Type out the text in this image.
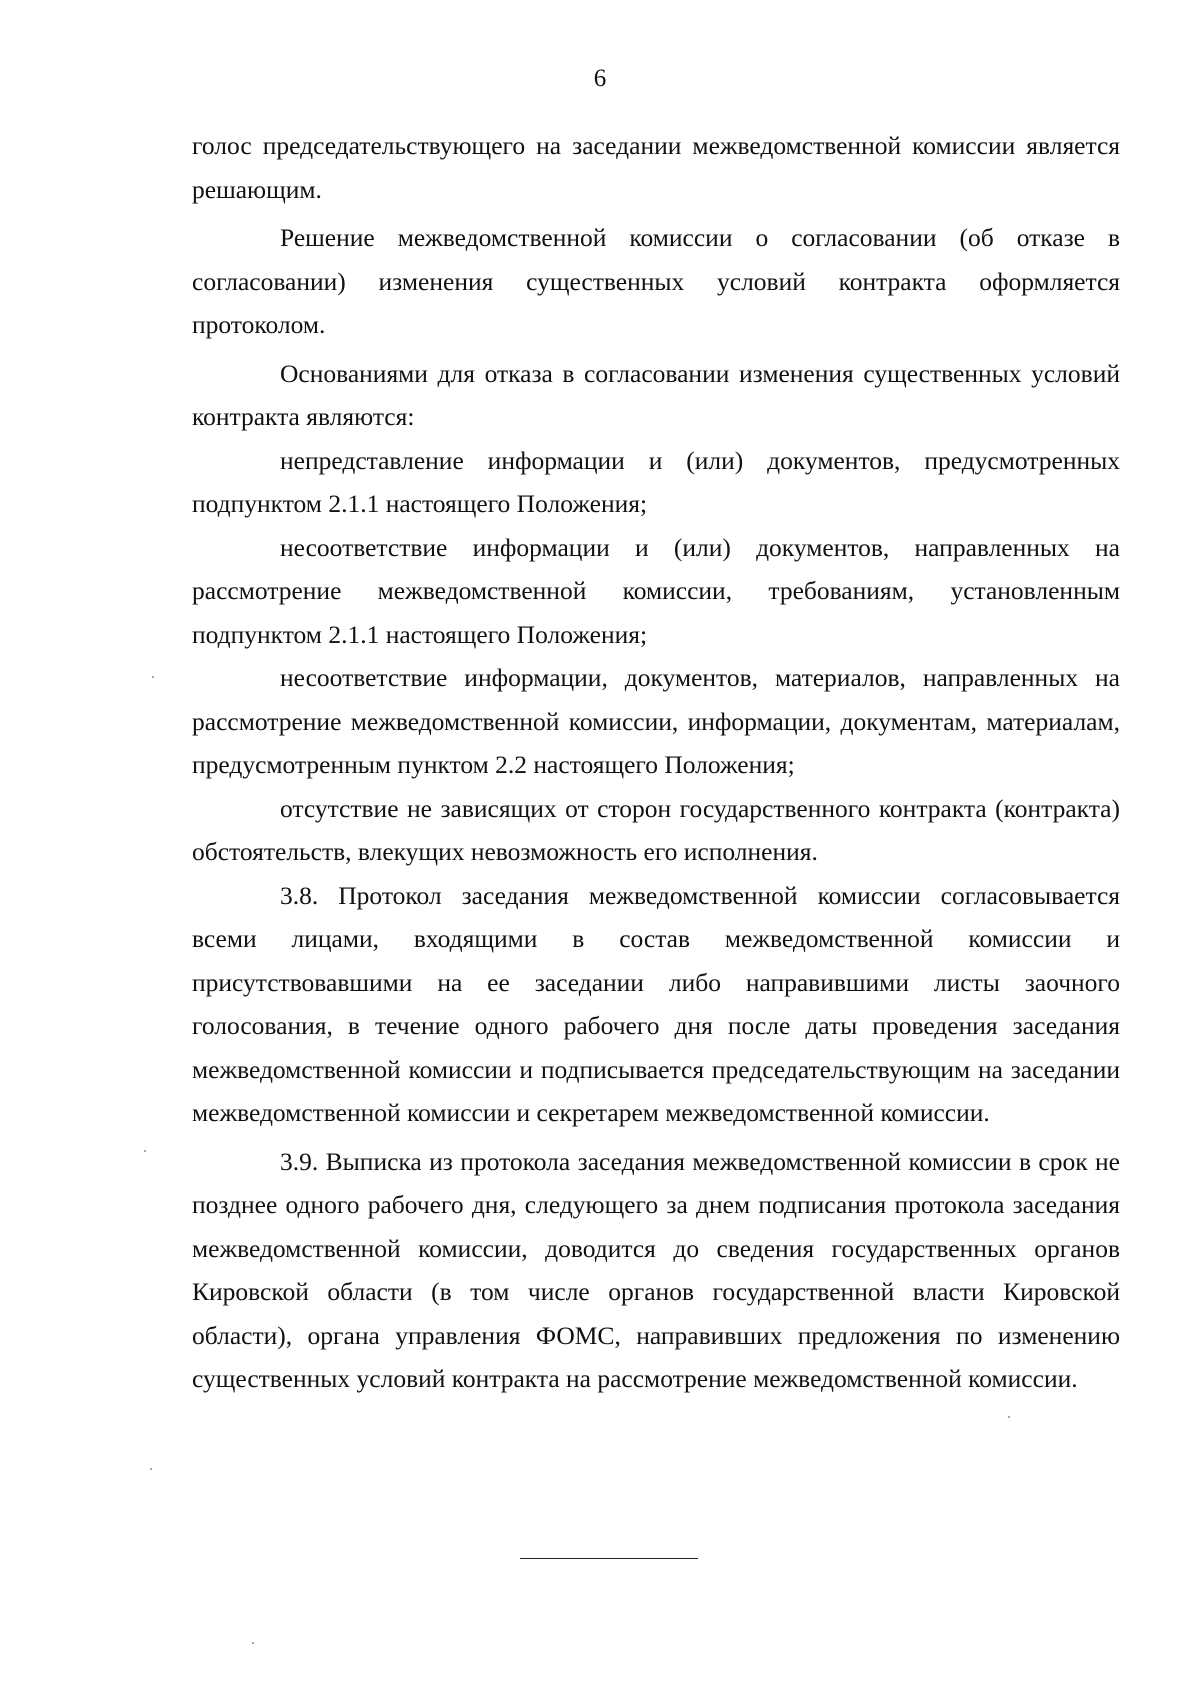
6

голос председательствующего на заседании межведомственной комиссии является решающим.

Решение межведомственной комиссии о согласовании (об отказе в согласовании) изменения существенных условий контракта оформляется протоколом.

Основаниями для отказа в согласовании изменения существенных условий контракта являются:

непредставление информации и (или) документов, предусмотренных подпунктом 2.1.1 настоящего Положения;

несоответствие информации и (или) документов, направленных на рассмотрение межведомственной комиссии, требованиям, установленным подпунктом 2.1.1 настоящего Положения;

несоответствие информации, документов, материалов, направленных на рассмотрение межведомственной комиссии, информации, документам, материалам, предусмотренным пунктом 2.2 настоящего Положения;

отсутствие не зависящих от сторон государственного контракта (контракта) обстоятельств, влекущих невозможность его исполнения.

3.8. Протокол заседания межведомственной комиссии согласовывается всеми лицами, входящими в состав межведомственной комиссии и присутствовавшими на ее заседании либо направившими листы заочного голосования, в течение одного рабочего дня после даты проведения заседания межведомственной комиссии и подписывается председательствующим на заседании межведомственной комиссии и секретарем межведомственной комиссии.

3.9. Выписка из протокола заседания межведомственной комиссии в срок не позднее одного рабочего дня, следующего за днем подписания протокола заседания межведомственной комиссии, доводится до сведения государственных органов Кировской области (в том числе органов государственной власти Кировской области), органа управления ФОМС, направивших предложения по изменению существенных условий контракта на рассмотрение межведомственной комиссии.
